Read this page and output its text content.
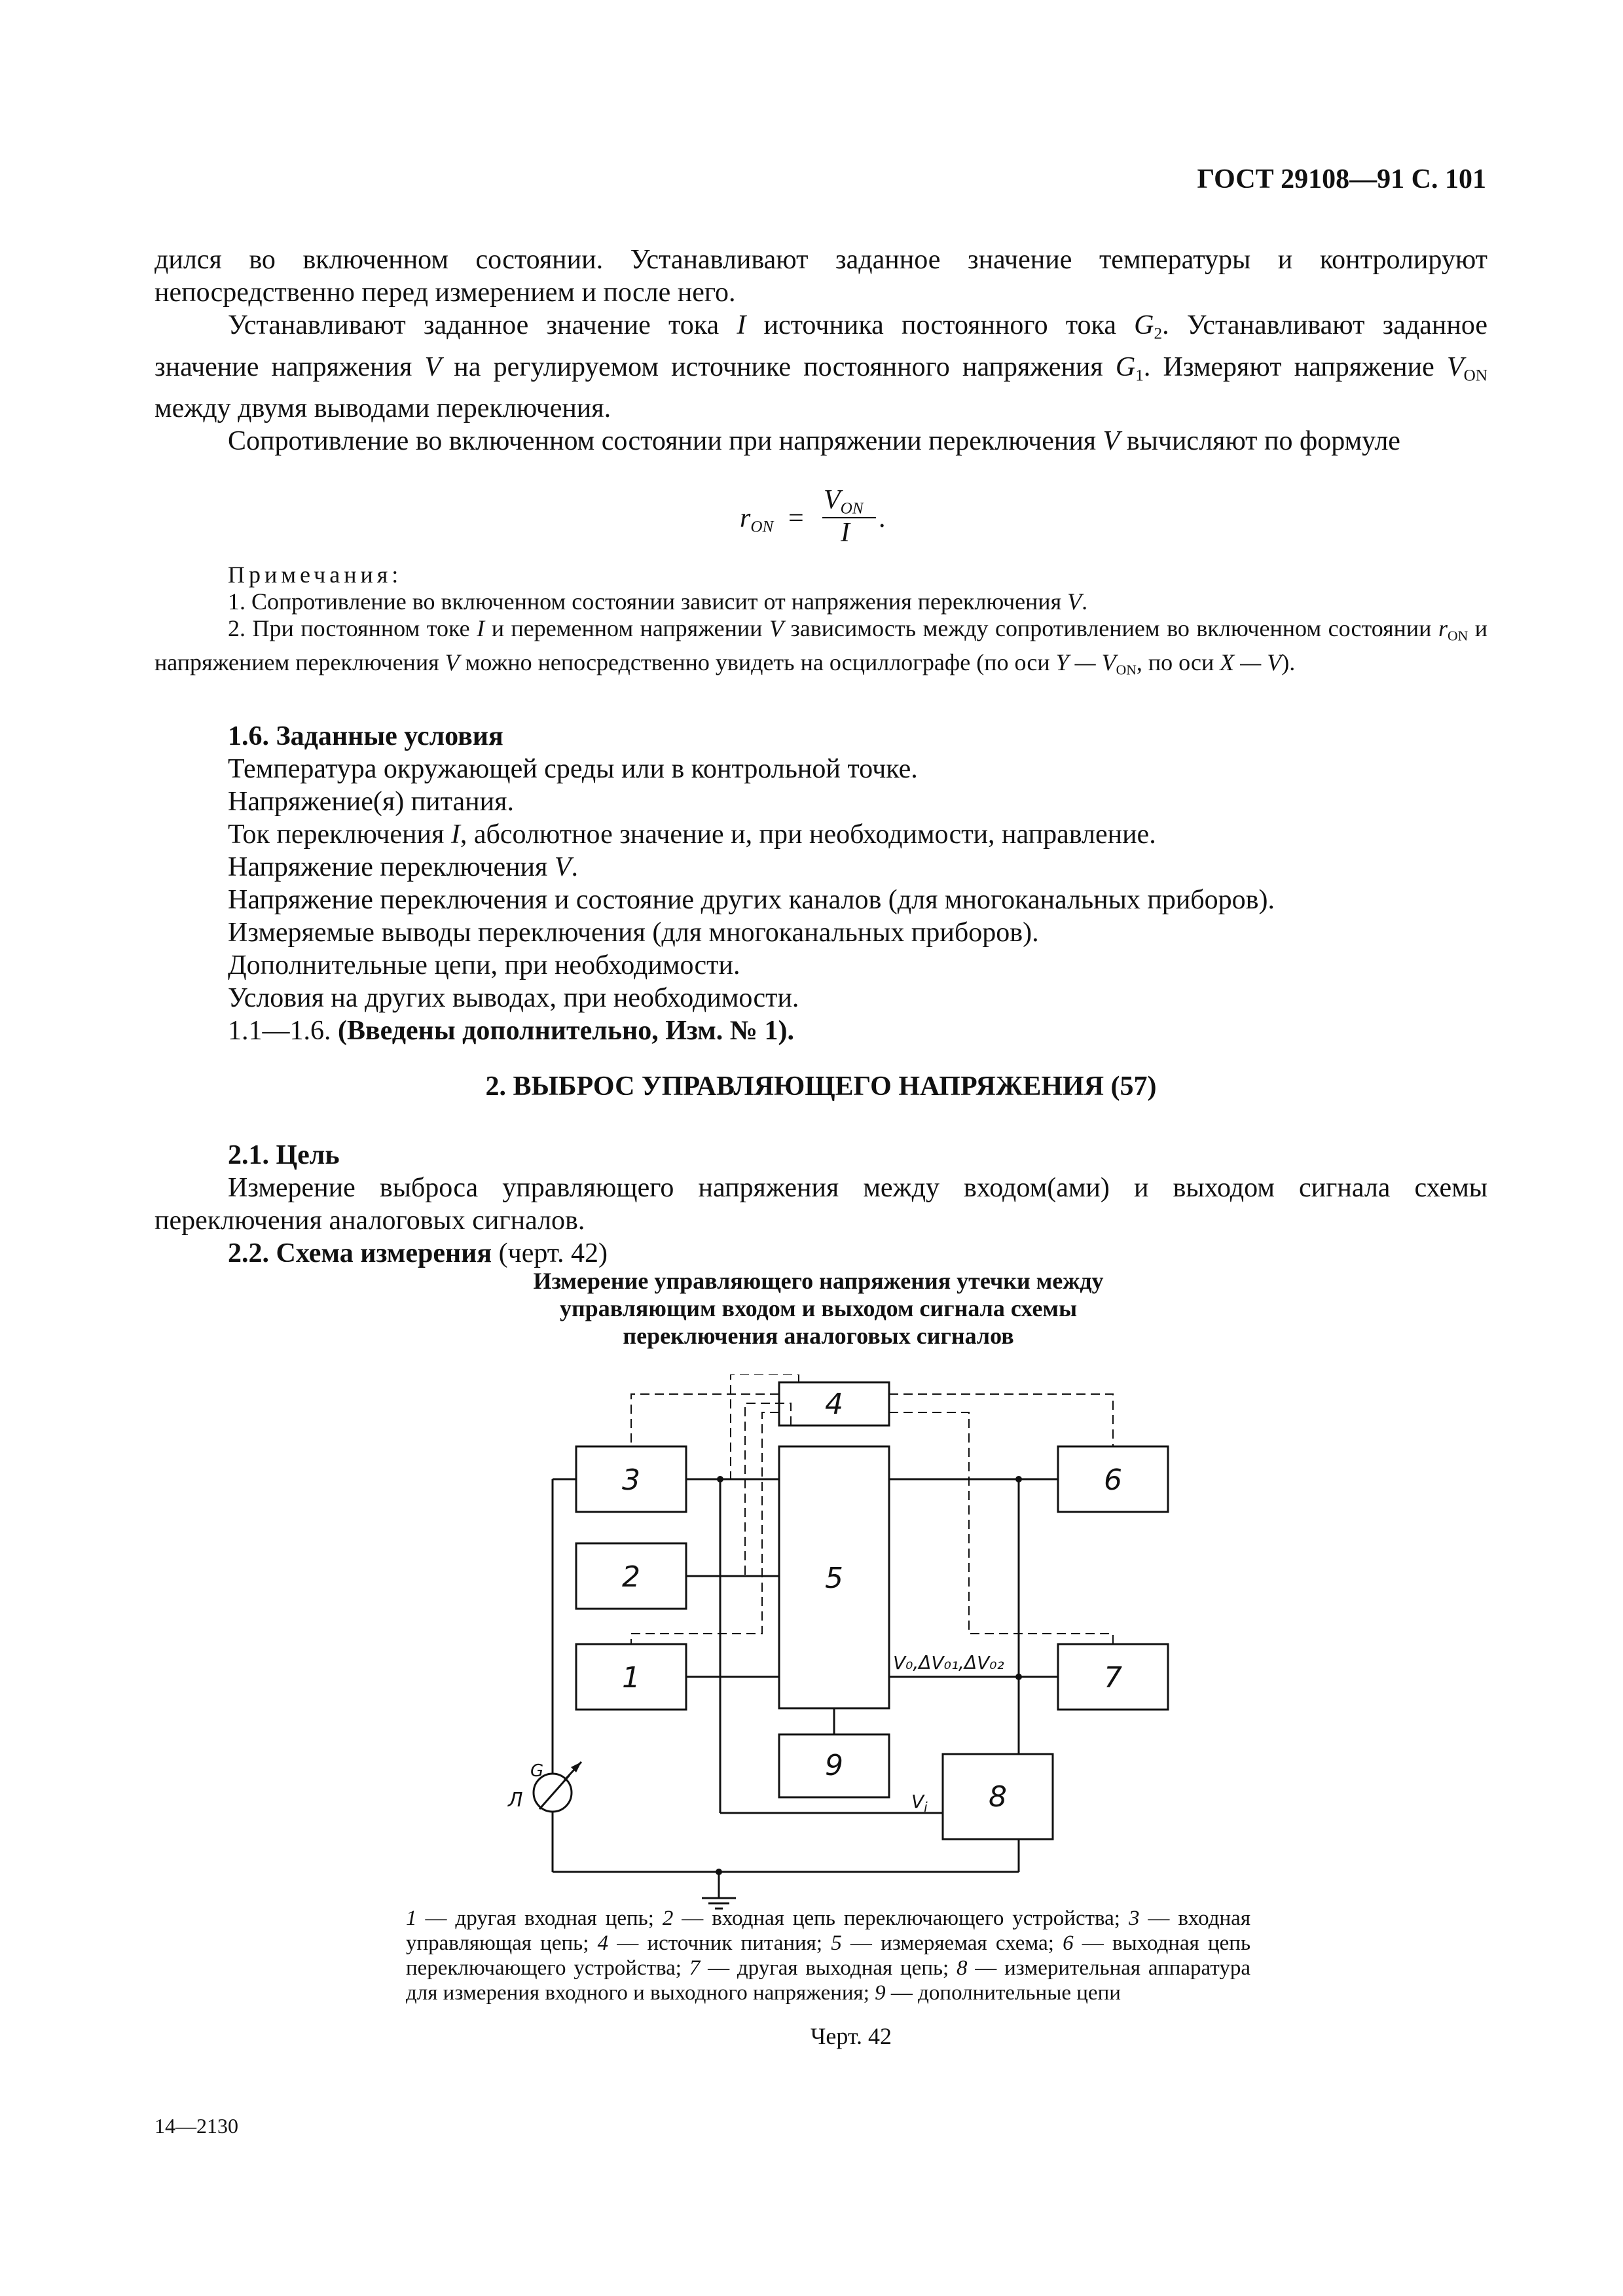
ГОСТ 29108—91 С. 101

дился во включенном состоянии. Устанавливают заданное значение температуры и контролируют непосредственно перед измерением и после него.

Устанавливают заданное значение тока I источника постоянного тока $G_2$. Устанавливают заданное значение напряжения V на регулируемом источнике постоянного напряжения $G_1$. Измеряют напряжение $V_{ON}$ между двумя выводами переключения.

Сопротивление во включенном состоянии при напряжении переключения V вычисляют по формуле

$r_{ON}$ =
$V_{ON}$
I .

Примечания:

1. Сопротивление во включенном состоянии зависит от напряжения переключения V.

2. При постоянном токе I и переменном напряжении V зависимость между сопротивлением во включенном состоянии $r_{ON}$ и напряжением переключения V можно непосредственно увидеть на осциллографе (по оси Y — $V_{ON}$, по оси X — V).

1.6. Заданные условия

Температура окружающей среды или в контрольной точке.

Напряжение(я) питания.

Ток переключения I, абсолютное значение и, при необходимости, направление.

Напряжение переключения V.

Напряжение переключения и состояние других каналов (для многоканальных приборов).

Измеряемые выводы переключения (для многоканальных приборов).

Дополнительные цепи, при необходимости.

Условия на других выводах, при необходимости.

1.1—1.6. (Введены дополнительно, Изм. № 1).

2. ВЫБРОС УПРАВЛЯЮЩЕГО НАПРЯЖЕНИЯ (57)

2.1. Цель

Измерение выброса управляющего напряжения между входом(ами) и выходом сигнала схемы переключения аналоговых сигналов.

2.2. Схема измерения (черт. 42)

Измерение управляющего напряжения утечки между
управляющим входом и выходом сигнала схемы
переключения аналоговых сигналов
4
3
2
1
5
9
6
7
8
V₀,ΔV₀₁,ΔV₀₂
$V_i$
G
Л
1 — другая входная цепь; 2 — входная цепь переключающего устройства; 3 — входная управляющая цепь; 4 — источник питания; 5 — измеряемая схема; 6 — выходная цепь переключающего устройства; 7 — другая выходная цепь; 8 — измерительная аппаратура для измерения входного и выходного напряжения; 9 — дополнительные цепи
Черт. 42
14—2130
